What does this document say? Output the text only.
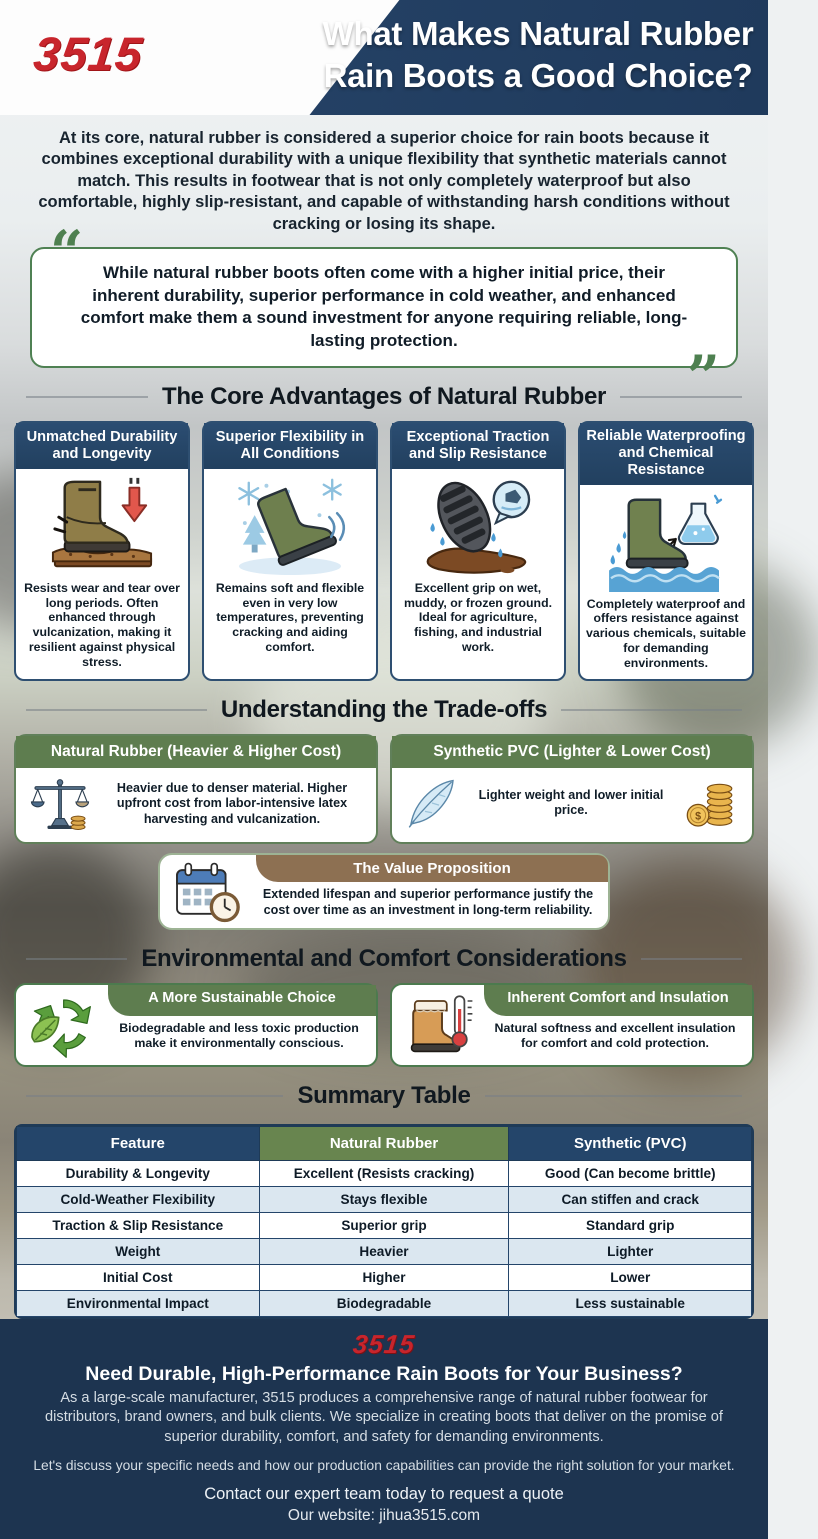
3515	What Makes Natural Rubber
Rain Boots a Good Choice?
At its core, natural rubber is considered a superior choice for rain boots because it combines exceptional durability with a unique flexibility that synthetic materials cannot match. This results in footwear that is not only completely waterproof but also comfortable, highly slip-resistant, and capable of withstanding harsh conditions without cracking or losing its shape.
“	While natural rubber boots often come with a higher initial price, their inherent durability, superior performance in cold weather, and enhanced comfort make them a sound investment for anyone requiring reliable, long-lasting protection.
”
The Core Advantages of Natural Rubber
Unmatched Durability and Longevity
Resists wear and tear over long periods. Often enhanced through vulcanization, making it resilient against physical stress.
Superior Flexibility in All Conditions
Remains soft and flexible even in very low temperatures, preventing cracking and aiding comfort.
Exceptional Traction and Slip Resistance
Excellent grip on wet, muddy, or frozen ground. Ideal for agriculture, fishing, and industrial work.
Reliable Waterproofing and Chemical Resistance
Completely waterproof and offers resistance against various chemicals, suitable for demanding environments.
Understanding the Trade-offs
Natural Rubber (Heavier & Higher Cost)
Heavier due to denser material. Higher upfront cost from labor-intensive latex harvesting and vulcanization.
Synthetic PVC (Lighter & Lower Cost)
Lighter weight and lower initial price.	$
The Value Proposition
Extended lifespan and superior performance justify the cost over time as an investment in long-term reliability.
Environmental and Comfort Considerations
A More Sustainable Choice
Biodegradable and less toxic production make it environmentally conscious.
Inherent Comfort and Insulation
Natural softness and excellent insulation for comfort and cold protection.
Summary Table
Feature	Natural Rubber	Synthetic (PVC)
Durability & Longevity	Excellent (Resists cracking)	Good (Can become brittle)
Cold-Weather Flexibility	Stays flexible	Can stiffen and crack
Traction & Slip Resistance	Superior grip	Standard grip
Weight	Heavier	Lighter
Initial Cost	Higher	Lower
Environmental Impact	Biodegradable	Less sustainable
3515
Need Durable, High-Performance Rain Boots for Your Business?
As a large-scale manufacturer, 3515 produces a comprehensive range of natural rubber footwear for distributors, brand owners, and bulk clients. We specialize in creating boots that deliver on the promise of superior durability, comfort, and safety for demanding environments.
Let's discuss your specific needs and how our production capabilities can provide the right solution for your market.
Contact our expert team today to request a quote
Our website: jihua3515.com
